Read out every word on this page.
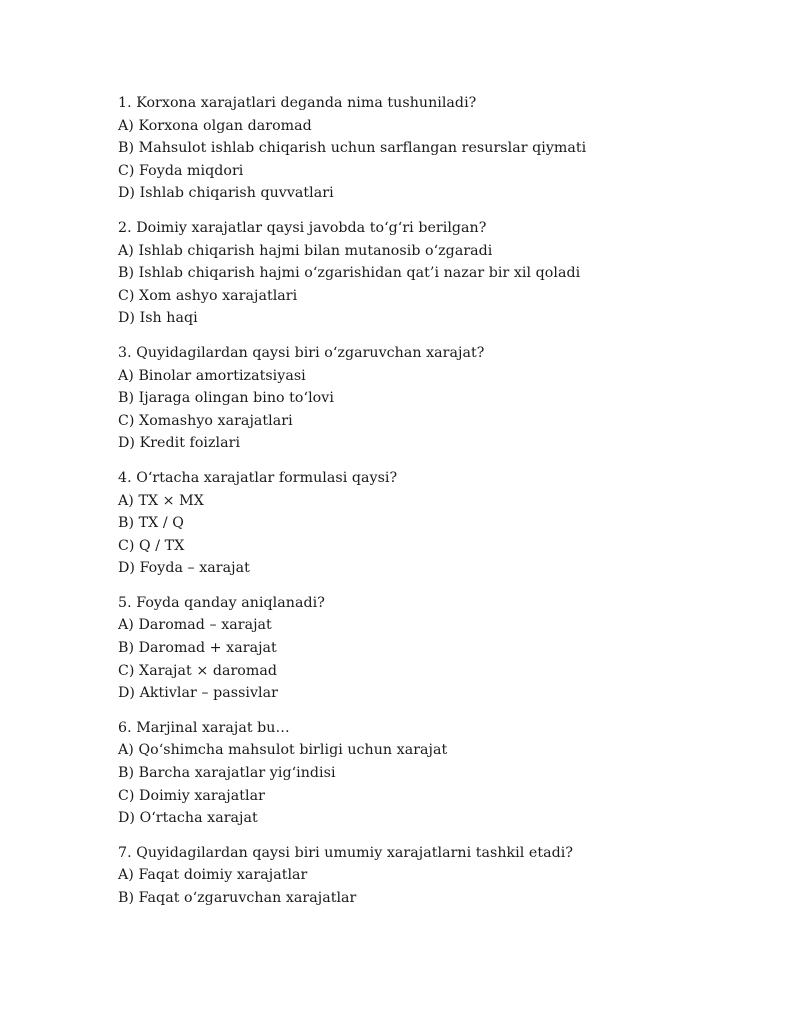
1. Korxona xarajatlari deganda nima tushuniladi?
A) Korxona olgan daromad
B) Mahsulot ishlab chiqarish uchun sarflangan resurslar qiymati
C) Foyda miqdori
D) Ishlab chiqarish quvvatlari
2. Doimiy xarajatlar qaysi javobda to‘g‘ri berilgan?
A) Ishlab chiqarish hajmi bilan mutanosib o‘zgaradi
B) Ishlab chiqarish hajmi o‘zgarishidan qat’i nazar bir xil qoladi
C) Xom ashyo xarajatlari
D) Ish haqi
3. Quyidagilardan qaysi biri o‘zgaruvchan xarajat?
A) Binolar amortizatsiyasi
B) Ijaraga olingan bino to‘lovi
C) Xomashyo xarajatlari
D) Kredit foizlari
4. O‘rtacha xarajatlar formulasi qaysi?
A) TX × MX
B) TX / Q
C) Q / TX
D) Foyda – xarajat
5. Foyda qanday aniqlanadi?
A) Daromad – xarajat
B) Daromad + xarajat
C) Xarajat × daromad
D) Aktivlar – passivlar
6. Marjinal xarajat bu…
A) Qo‘shimcha mahsulot birligi uchun xarajat
B) Barcha xarajatlar yig‘indisi
C) Doimiy xarajatlar
D) O‘rtacha xarajat
7. Quyidagilardan qaysi biri umumiy xarajatlarni tashkil etadi?
A) Faqat doimiy xarajatlar
B) Faqat o‘zgaruvchan xarajatlar
